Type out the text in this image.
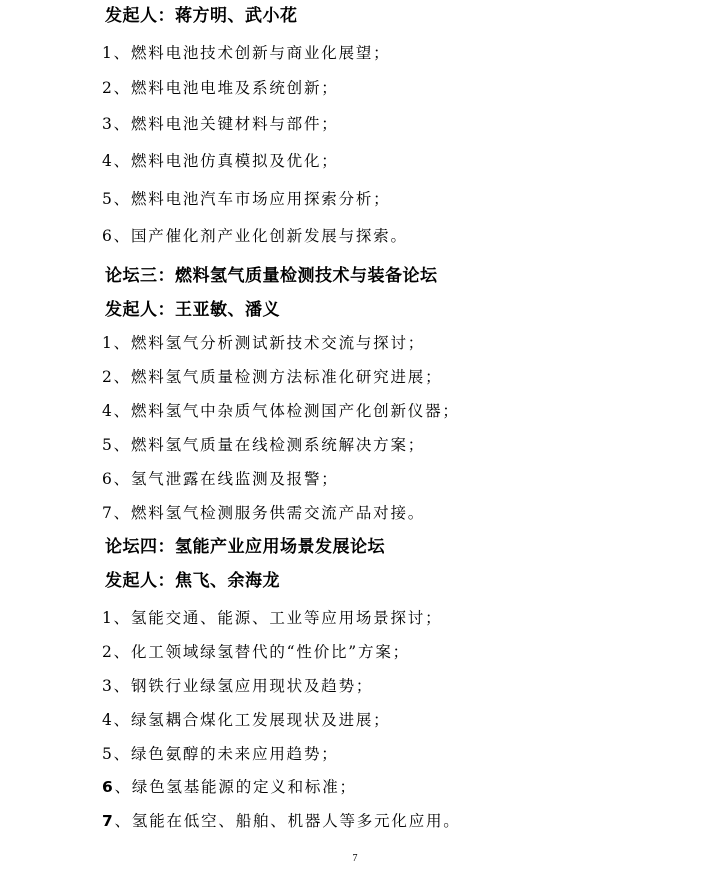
发起人：蒋方明、武小花
1、燃料电池技术创新与商业化展望；
2、燃料电池电堆及系统创新；
3、燃料电池关键材料与部件；
4、燃料电池仿真模拟及优化；
5、燃料电池汽车市场应用探索分析；
6、国产催化剂产业化创新发展与探索。
论坛三：燃料氢气质量检测技术与装备论坛
发起人：王亚敏、潘义
1、燃料氢气分析测试新技术交流与探讨；
2、燃料氢气质量检测方法标准化研究进展；
4、燃料氢气中杂质气体检测国产化创新仪器；
5、燃料氢气质量在线检测系统解决方案；
6、氢气泄露在线监测及报警；
7、燃料氢气检测服务供需交流产品对接。
论坛四：氢能产业应用场景发展论坛
发起人：焦飞、余海龙
1、氢能交通、能源、工业等应用场景探讨；
2、化工领域绿氢替代的“性价比”方案；
3、钢铁行业绿氢应用现状及趋势；
4、绿氢耦合煤化工发展现状及进展；
5、绿色氨醇的未来应用趋势；
6、绿色氢基能源的定义和标准；
7、氢能在低空、船舶、机器人等多元化应用。
7
